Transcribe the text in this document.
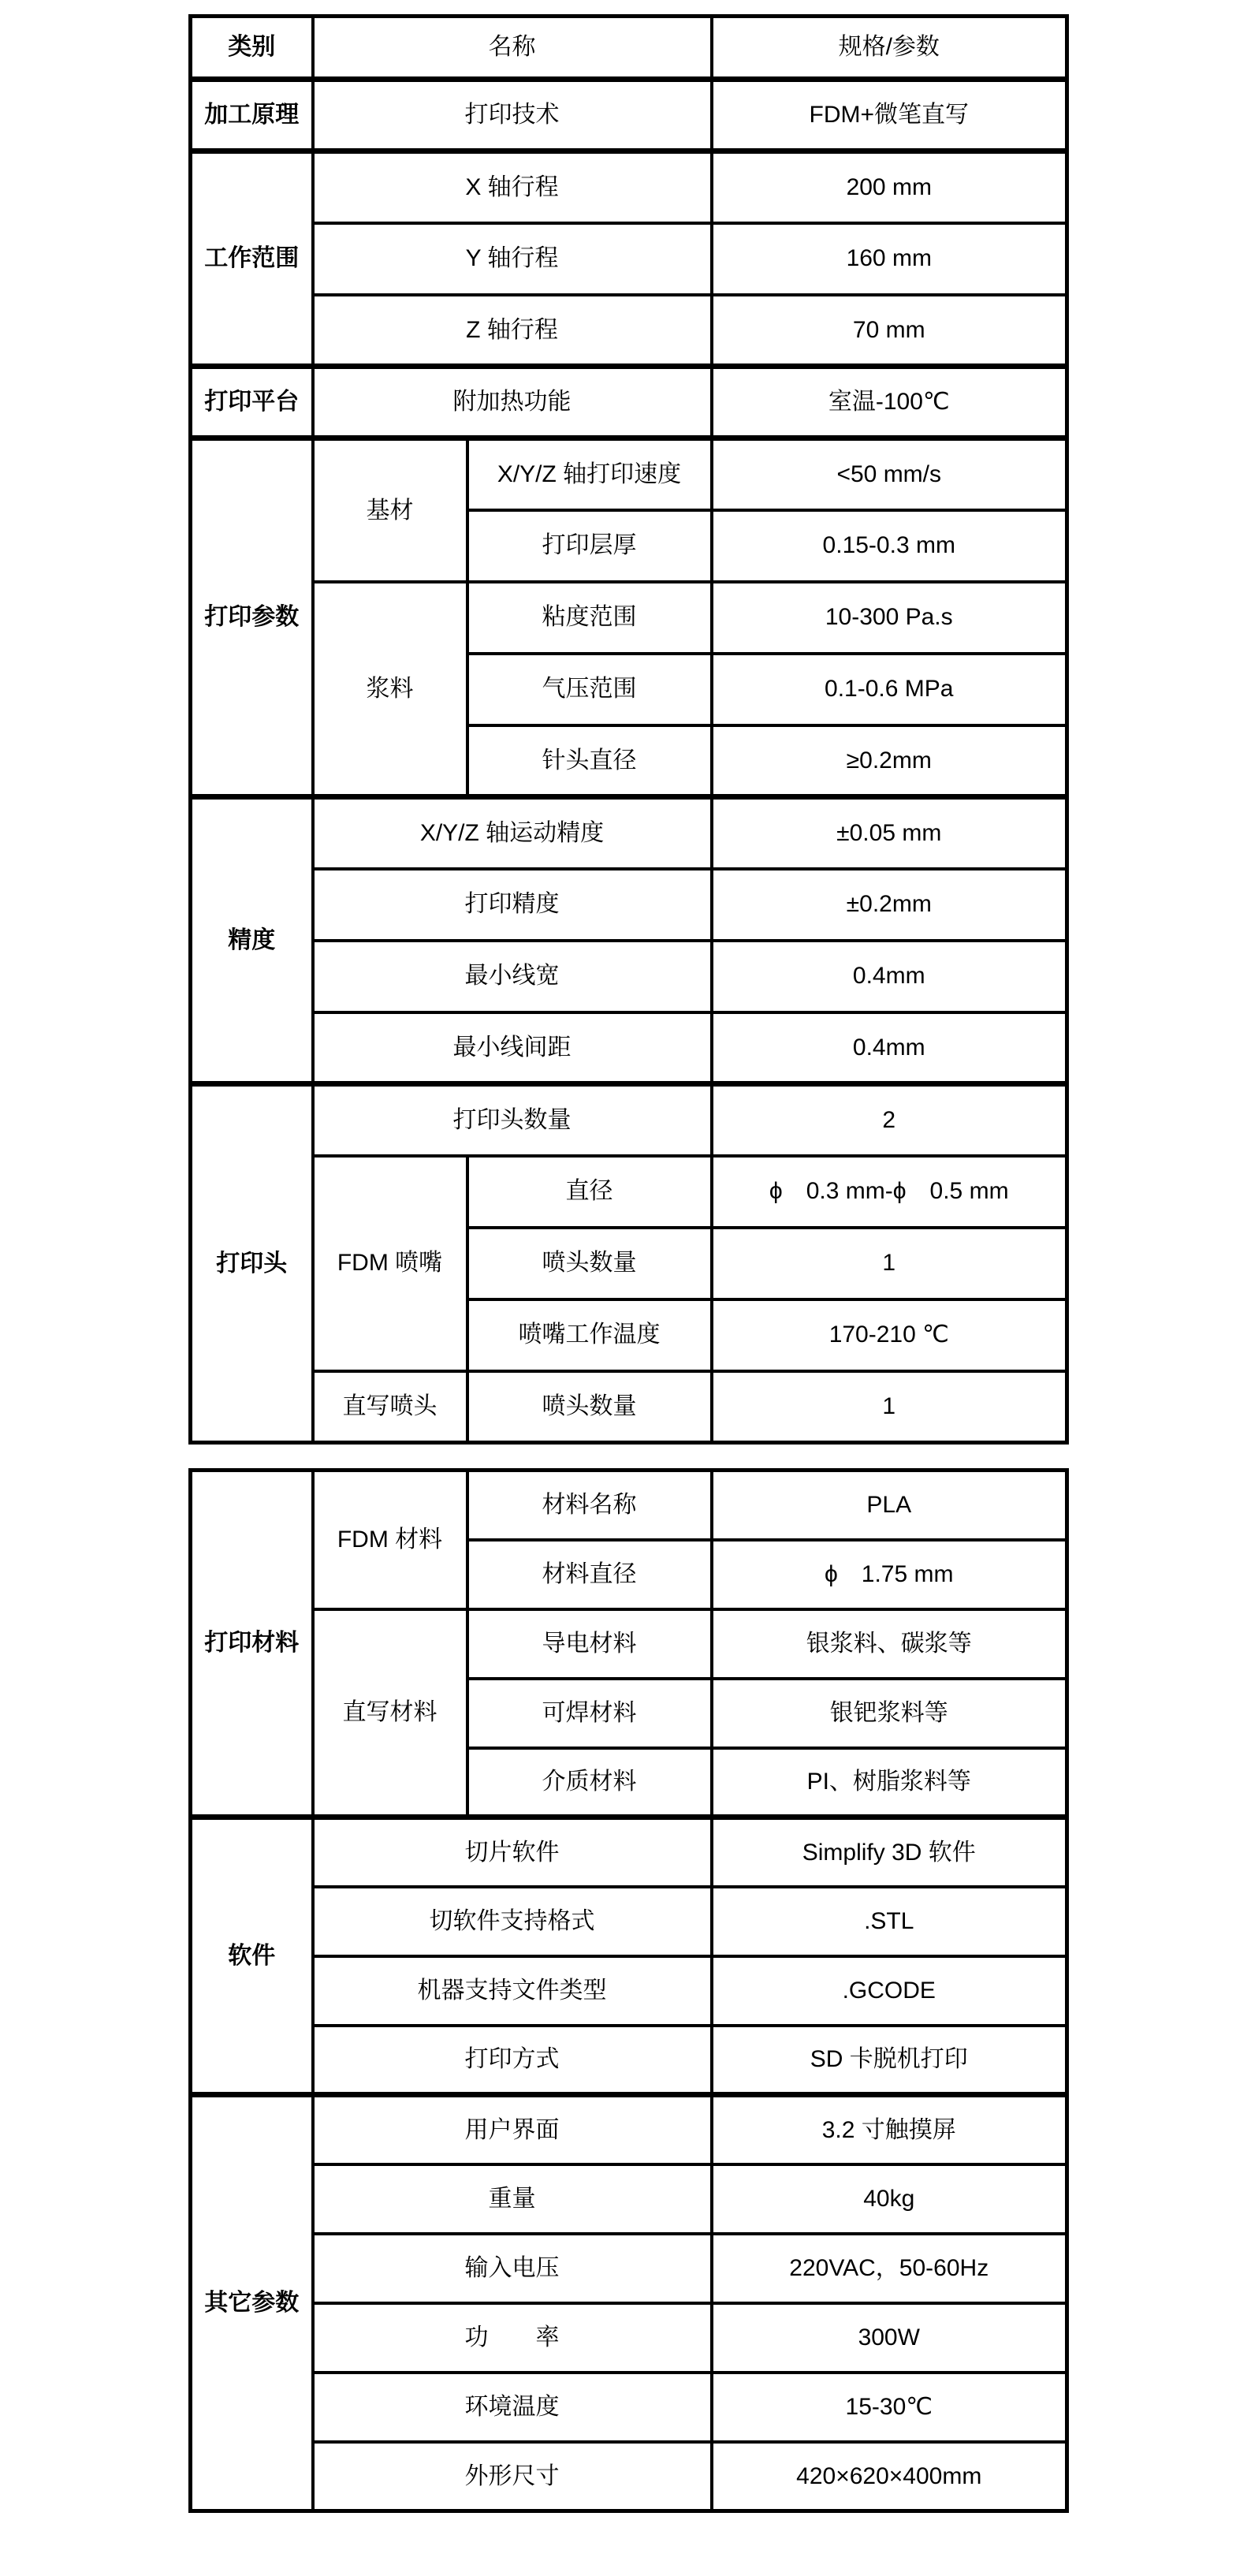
类别	名称		规格/参数
加工原理	打印技术		FDM+微笔直写
工作范围	X 轴行程		200 mm
	Y 轴行程		160 mm
	Z 轴行程		70 mm
打印平台	附加热功能		室温-100℃
打印参数	基材	X/Y/Z 轴打印速度	<50 mm/s
		打印层厚	0.15-0.3 mm
	浆料	粘度范围	10-300 Pa.s
		气压范围	0.1-0.6 MPa
		针头直径	≥0.2mm
精度	X/Y/Z 轴运动精度		±0.05 mm
	打印精度		±0.2mm
	最小线宽		0.4mm
	最小线间距		0.4mm
打印头	打印头数量		2
	FDM 喷嘴	直径	ϕ　0.3 mm-ϕ　0.5 mm
		喷头数量	1
		喷嘴工作温度	170-210 ℃
	直写喷头	喷头数量	1
打印材料	FDM 材料	材料名称	PLA
		材料直径	ϕ　1.75 mm
	直写材料	导电材料	银浆料、碳浆等
		可焊材料	银钯浆料等
		介质材料	PI、树脂浆料等
软件	切片软件		Simplify 3D 软件
	切软件支持格式		.STL
	机器支持文件类型		.GCODE
	打印方式		SD 卡脱机打印
其它参数	用户界面		3.2 寸触摸屏
	重量		40kg
	输入电压		220VAC，50-60Hz
	功　　率		300W
	环境温度		15-30℃
	外形尺寸		420×620×400mm
